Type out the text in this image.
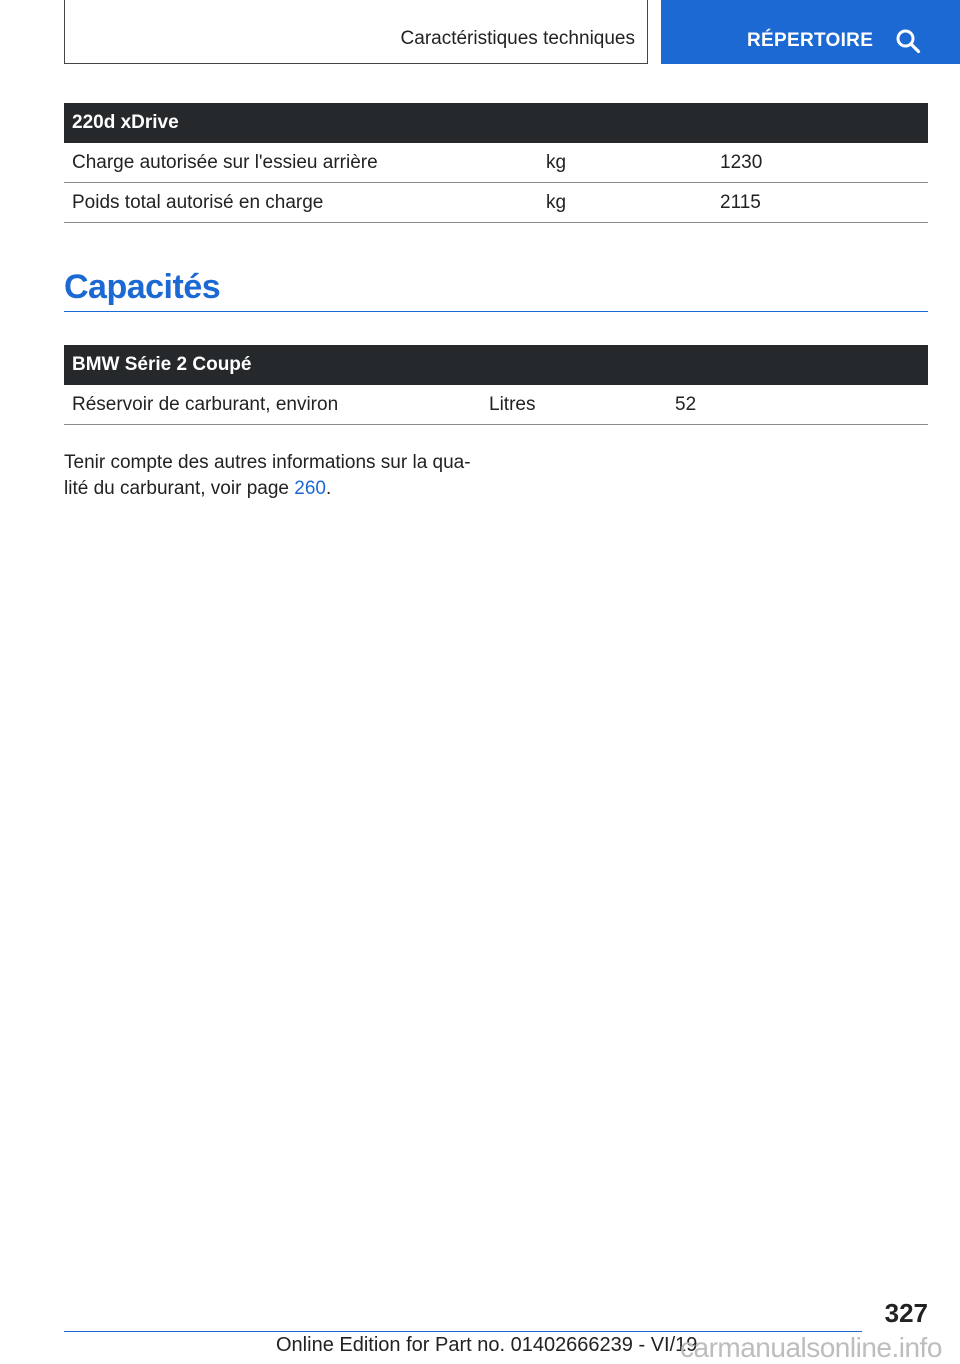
Caractéristiques techniques	RÉPERTOIRE
220d xDrive		
Charge autorisée sur l'essieu arrière	kg	1230
Poids total autorisé en charge	kg	2115
Capacités
BMW Série 2 Coupé
Réservoir de carburant, environ	Litres	52

Tenir compte des autres informations sur la qualité du carburant, voir page 260.

327
Online Edition for Part no. 01402666239 - VI/19
carmanualsonline.info
